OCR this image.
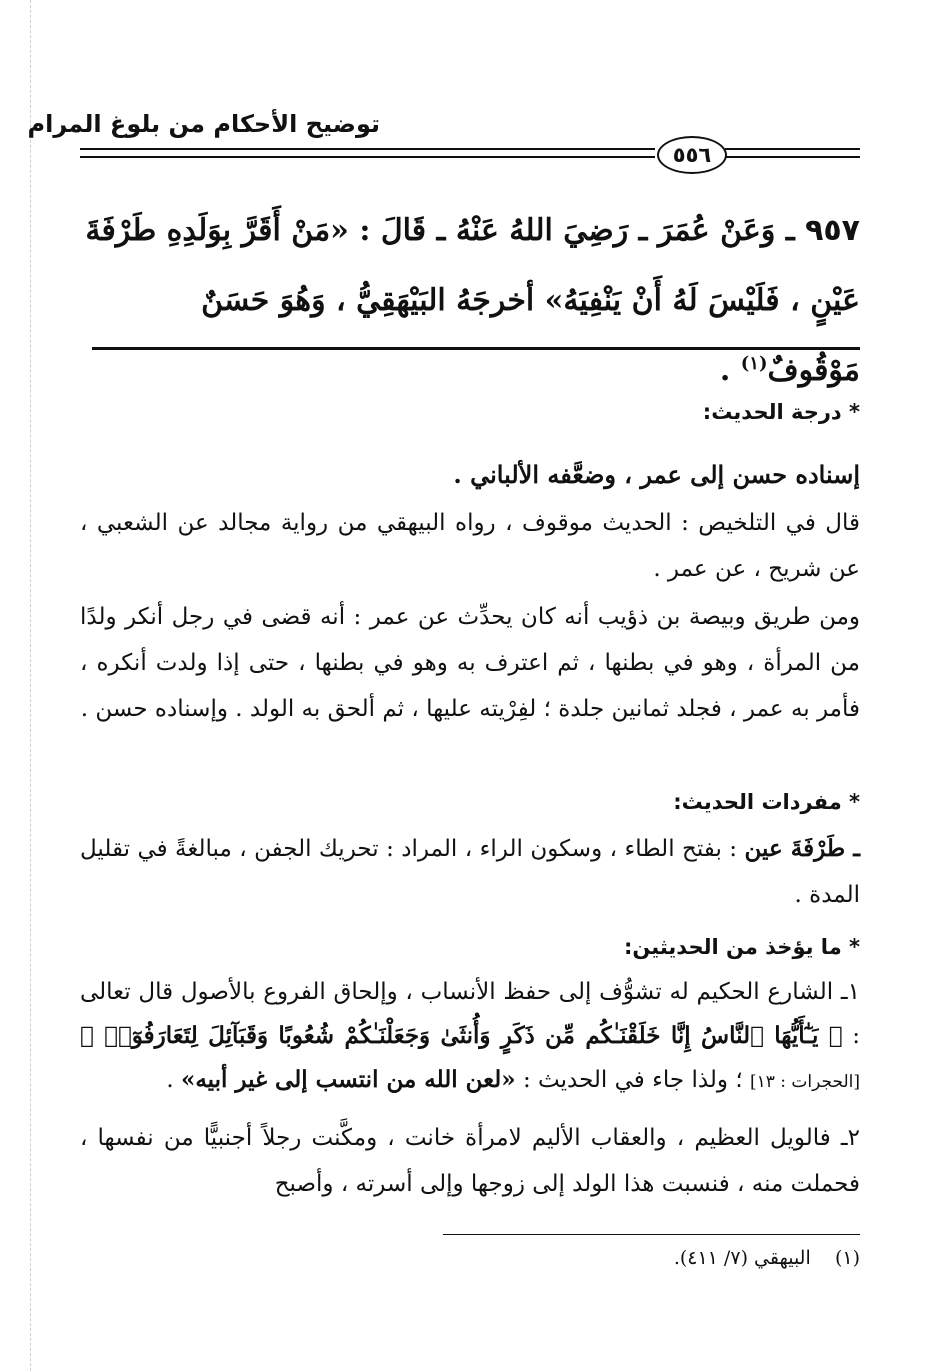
توضيح الأحكام من بلوغ المرام
٥٥٦
٩٥٧ ـ وَعَنْ عُمَرَ ـ رَضِيَ اللهُ عَنْهُ ـ قَالَ : «مَنْ أَقَرَّ بِوَلَدِهِ طَرْفَةَ عَيْنٍ ، فَلَيْسَ لَهُ أَنْ يَنْفِيَهُ» أخرجَهُ البَيْهَقِيُّ ، وَهُوَ حَسَنٌ مَوْقُوفٌ$^{(١)}$ .
* درجة الحديث:
إسناده حسن إلى عمر ، وضعَّفه الألباني .
قال في التلخيص : الحديث موقوف ، رواه البيهقي من رواية مجالد عن الشعبي ، عن شريح ، عن عمر .
ومن طريق وبيصة بن ذؤيب أنه كان يحدِّث عن عمر : أنه قضى في رجل أنكر ولدًا من المرأة ، وهو في بطنها ، ثم اعترف به وهو في بطنها ، حتى إذا ولدت أنكره ، فأمر به عمر ، فجلد ثمانين جلدة ؛ لفِرْيته عليها ، ثم ألحق به الولد . وإسناده حسن .
* مفردات الحديث:
ـ طَرْفَةَ عين : بفتح الطاء ، وسكون الراء ، المراد : تحريك الجفن ، مبالغةً في تقليل المدة .
* ما يؤخذ من الحديثين:
١ـ الشارع الحكيم له تشوُّف إلى حفظ الأنساب ، وإلحاق الفروع بالأصول قال تعالى : ﴿ يَـٰٓأَيُّهَا ٱلنَّاسُ إِنَّا خَلَقْنَـٰكُم مِّن ذَكَرٍ وَأُنثَىٰ وَجَعَلْنَـٰكُمْ شُعُوبًا وَقَبَآئِلَ لِتَعَارَفُوٓا۟ ﴾ [الحجرات : ١٣] ؛ ولذا جاء في الحديث : «لعن الله من انتسب إلى غير أبيه» .
٢ـ فالويل العظيم ، والعقاب الأليم لامرأة خانت ، ومكَّنت رجلاً أجنبيًّا من نفسها ، فحملت منه ، فنسبت هذا الولد إلى زوجها وإلى أسرته ، وأصبح
(١)    البيهقي (٧/ ٤١١).
